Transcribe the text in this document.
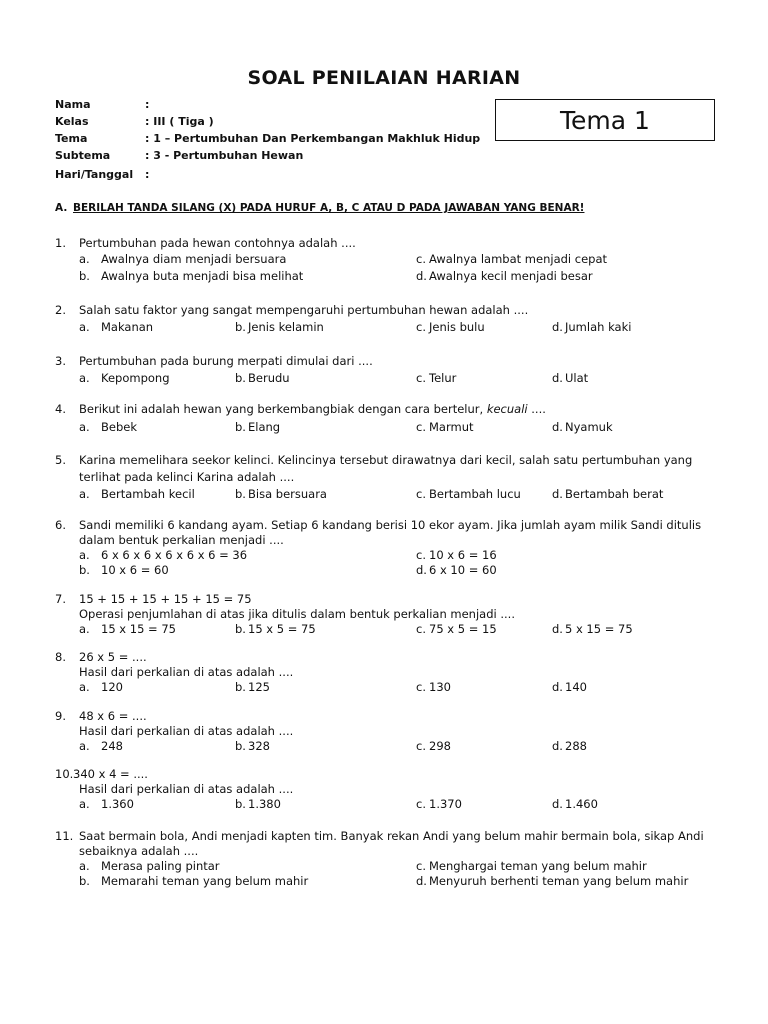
SOAL PENILAIAN HARIAN
Nama	:
Kelas	: III ( Tiga )
Tema	: 1 – Pertumbuhan Dan Perkembangan Makhluk Hidup
Subtema	: 3 - Pertumbuhan Hewan
Hari/Tanggal :
Tema 1
A. BERILAH TANDA SILANG (X) PADA HURUF A, B, C ATAU D PADA JAWABAN YANG BENAR!
1. Pertumbuhan pada hewan contohnya adalah ....
a. Awalnya diam menjadi bersuara	c. Awalnya lambat menjadi cepat
b. Awalnya buta menjadi bisa melihat	d. Awalnya kecil menjadi besar
2. Salah satu faktor yang sangat mempengaruhi pertumbuhan hewan adalah ....
a. Makanan	b. Jenis kelamin	c. Jenis bulu	d. Jumlah kaki
3. Pertumbuhan pada burung merpati dimulai dari ....
a. Kepompong	b. Berudu	c. Telur	d. Ulat
4. Berikut ini adalah hewan yang berkembangbiak dengan cara bertelur, kecuali ....
a. Bebek	b. Elang	c. Marmut	d. Nyamuk
5. Karina memelihara seekor kelinci. Kelincinya tersebut dirawatnya dari kecil, salah satu pertumbuhan yang
terlihat pada kelinci Karina adalah ....
a. Bertambah kecil	b. Bisa bersuara	c. Bertambah lucu	d. Bertambah berat
6. Sandi memiliki 6 kandang ayam. Setiap 6 kandang berisi 10 ekor ayam. Jika jumlah ayam milik Sandi ditulis
dalam bentuk perkalian menjadi ....
a. 6 x 6 x 6 x 6 x 6 x 6 = 36	c. 10 x 6 = 16
b. 10 x 6 = 60	d. 6 x 10 = 60
7. 15 + 15 + 15 + 15 + 15 = 75
Operasi penjumlahan di atas jika ditulis dalam bentuk perkalian menjadi ....
a. 15 x 15 = 75	b. 15 x 5 = 75	c. 75 x 5 = 15	d. 5 x 15 = 75
8. 26 x 5 = ....
Hasil dari perkalian di atas adalah ....
a. 120	b. 125	c. 130	d. 140
9. 48 x 6 = ....
Hasil dari perkalian di atas adalah ....
a. 248	b. 328	c. 298	d. 288
10. 340 x 4 = ....
Hasil dari perkalian di atas adalah ....
a. 1.360	b. 1.380	c. 1.370	d. 1.460
11. Saat bermain bola, Andi menjadi kapten tim. Banyak rekan Andi yang belum mahir bermain bola, sikap Andi
sebaiknya adalah ....
a. Merasa paling pintar	c. Menghargai teman yang belum mahir
b. Memarahi teman yang belum mahir	d. Menyuruh berhenti teman yang belum mahir
